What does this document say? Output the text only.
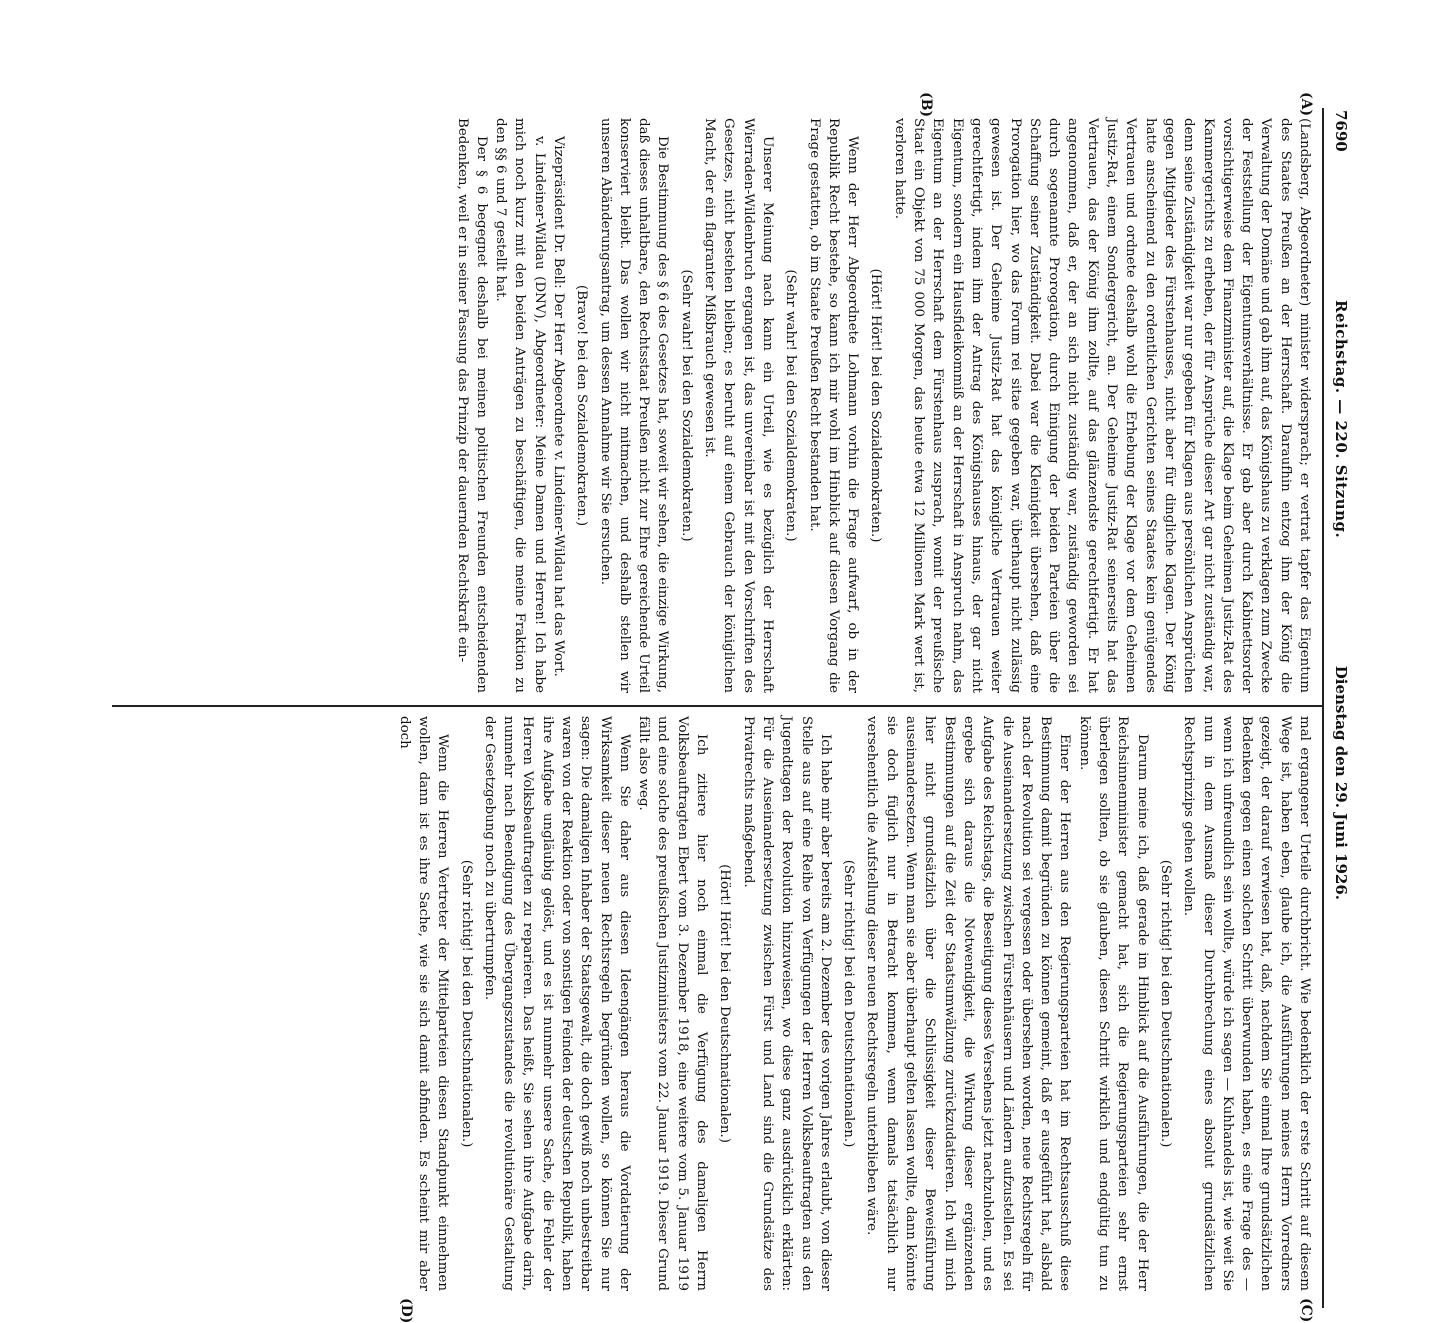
7690
Reichstag. — 220. Sitzung.
Dienstag den 29. Juni 1926.
(A)
(B)
(C)
(D)

(Landsberg, Abgeordneter) minister widersprach; er vertrat tapfer das Eigentum des Staates Preußen an der Herrschaft. Daraufhin entzog ihm der König die Verwaltung der Domäne und gab ihm auf, das Königshaus zu verklagen zum Zwecke der Feststellung der Eigentumsverhältnisse. Er gab aber durch Kabinettsorder vorsichtigerweise dem Finanzminister auf, die Klage beim Geheimen Justiz-Rat des Kammergerichts zu erheben, der für Ansprüche dieser Art gar nicht zuständig war, denn seine Zuständigkeit war nur gegeben für Klagen aus persönlichen Ansprüchen gegen Mitglieder des Fürstenhauses, nicht aber für dingliche Klagen. Der König hatte anscheinend zu den ordentlichen Gerichten seines Staates kein genügendes Vertrauen und ordnete deshalb wohl die Erhebung der Klage vor dem Geheimen Justiz-Rat, einem Sondergericht, an. Der Geheime Justiz-Rat seinerseits hat das Vertrauen, das der König ihm zollte, auf das glänzendste gerechtfertigt. Er hat angenommen, daß er, der an sich nicht zuständig war, zuständig geworden sei durch sogenannte Prorogation, durch Einigung der beiden Parteien über die Schaffung seiner Zuständigkeit. Dabei war die Kleinigkeit übersehen, daß eine Prorogation hier, wo das Forum rei sitae gegeben war, überhaupt nicht zulässig gewesen ist. Der Geheime Justiz-Rat hat das königliche Vertrauen weiter gerechtfertigt, indem ihm der Antrag des Königshauses hinaus, der gar nicht Eigentum, sondern ein Hausfideikommiß an der Herrschaft in Anspruch nahm, das Eigentum an der Herrschaft dem Fürstenhaus zusprach, womit der preußische Staat ein Objekt von 75 000 Morgen, das heute etwa 12 Millionen Mark wert ist, verloren hatte.

(Hört! Hört! bei den Sozialdemokraten.)

Wenn der Herr Abgeordnete Lohmann vorhin die Frage aufwarf, ob in der Republik Recht bestehe, so kann ich mir wohl im Hinblick auf diesen Vorgang die Frage gestatten, ob im Staate Preußen Recht bestanden hat.

(Sehr wahr! bei den Sozialdemokraten.)

Unserer Meinung nach kann ein Urteil, wie es bezüglich der Herrschaft Wierraden-Wildenbruch ergangen ist, das unvereinbar ist mit den Vorschriften des Gesetzes, nicht bestehen bleiben; es beruht auf einem Gebrauch der königlichen Macht, der ein flagranter Mißbrauch gewesen ist.

(Sehr wahr! bei den Sozialdemokraten.)

Die Bestimmung des § 6 des Gesetzes hat, soweit wir sehen, die einzige Wirkung, daß dieses unhaltbare, den Rechtsstaat Preußen nicht zur Ehre gereichende Urteil konserviert bleibt. Das wollen wir nicht mitmachen, und deshalb stellen wir unseren Abänderungsantrag, um dessen Annahme wir Sie ersuchen.

(Bravo! bei den Sozialdemokraten.)

Vizepräsident Dr. Bell: Der Herr Abgeordnete v. Lindeiner-Wildau hat das Wort.

v. Lindeiner-Wildau (DNV), Abgeordneter: Meine Damen und Herren! Ich habe mich noch kurz mit den beiden Anträgen zu beschäftigen, die meine Fraktion zu den §§ 6 und 7 gestellt hat.

Der § 6 begegnet deshalb bei meinen politischen Freunden entscheidenden Bedenken, weil er in seiner Fassung das Prinzip der dauernden Rechtskraft ein-

mal ergangener Urteile durchbricht. Wie bedenklich der erste Schritt auf diesem Wege ist, haben eben, glaube ich, die Ausführungen meines Herrn Vorredners gezeigt, der darauf verwiesen hat, daß, nachdem Sie einmal Ihre grundsätzlichen Bedenken gegen einen solchen Schritt überwunden haben, es eine Frage des — wenn ich unfreundlich sein wollte, würde ich sagen — Kuhhandels ist, wie weit Sie nun in dem Ausmaß dieser Durchbrechung eines absolut grundsätzlichen Rechtsprinzips gehen wollen.

(Sehr richtig! bei den Deutschnationalen.)

Darum meine ich, daß gerade im Hinblick auf die Ausführungen, die der Herr Reichsinnenminister gemacht hat, sich die Regierungsparteien sehr ernst überlegen sollten, ob sie glauben, diesen Schritt wirklich und endgültig tun zu können.

Einer der Herren aus den Regierungsparteien hat im Rechtsausschuß diese Bestimmung damit begründen zu können gemeint, daß er ausgeführt hat, alsbald nach der Revolution sei vergessen oder übersehen worden, neue Rechtsregeln für die Auseinandersetzung zwischen Fürstenhäusern und Ländern aufzustellen. Es sei Aufgabe des Reichstags, die Beseitigung dieses Versehens jetzt nachzuholen, und es ergebe sich daraus die Notwendigkeit, die Wirkung dieser ergänzenden Bestimmungen auf die Zeit der Staatsumwälzung zurückzudatieren. Ich will mich hier nicht grundsätzlich über die Schlüssigkeit dieser Beweisführung auseinandersetzen. Wenn man sie aber überhaupt gelten lassen wollte, dann könnte sie doch füglich nur in Betracht kommen, wenn damals tatsächlich nur versehentlich die Aufstellung dieser neuen Rechtsregeln unterblieben wäre.

(Sehr richtig! bei den Deutschnationalen.)

Ich habe mir aber bereits am 2. Dezember des vorigen Jahres erlaubt, von dieser Stelle aus auf eine Reihe von Verfügungen der Herren Volksbeauftragten aus den Jugendtagen der Revolution hinzuweisen, wo diese ganz ausdrücklich erklärten: Für die Auseinandersetzung zwischen Fürst und Land sind die Grundsätze des Privatrechts maßgebend.

(Hört! Hört! bei den Deutschnationalen.)

Ich zitiere hier noch einmal die Verfügung des damaligen Herrn Volksbeauftragten Ebert vom 3. Dezember 1918, eine weitere vom 5. Januar 1919 und eine solche des preußischen Justizministers vom 22. Januar 1919. Dieser Grund fällt also weg.

Wenn Sie daher aus diesen Ideengängen heraus die Vordatierung der Wirksamkeit dieser neuen Rechtsregeln begründen wollen, so können Sie nur sagen: Die damaligen Inhaber der Staatsgewalt, die doch gewiß noch unbestreitbar waren von der Reaktion oder von sonstigen Feinden der deutschen Republik, haben ihre Aufgabe ungläubig gelöst, und es ist nunmehr unsere Sache, die Fehler der Herren Volksbeauftragten zu reparieren. Das heißt, Sie sehen ihre Aufgabe darin, nunmehr nach Beendigung des Übergangszustandes die revolutionäre Gestaltung der Gesetzgebung noch zu übertrumpfen.

(Sehr richtig! bei den Deutschnationalen.)

Wenn die Herren Vertreter der Mittelparteien diesen Standpunkt einnehmen wollen, dann ist es ihre Sache, wie sie sich damit abfinden. Es scheint mir aber doch
